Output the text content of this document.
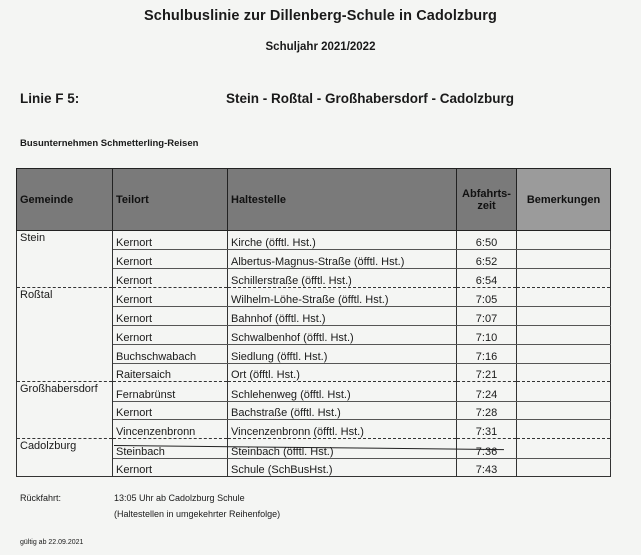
Schulbuslinie zur Dillenberg-Schule in Cadolzburg
Schuljahr 2021/2022
Linie F 5:	Stein - Roßtal - Großhabersdorf - Cadolzburg
Busunternehmen Schmetterling-Reisen
Gemeinde	Teilort	Haltestelle	Abfahrts-
zeit	Bemerkungen
Stein	Kernort	Kirche (öfftl. Hst.)	6:50	
	Kernort	Albertus-Magnus-Straße (öfftl. Hst.)	6:52	
	Kernort	Schillerstraße (öfftl. Hst.)	6:54	
Roßtal	Kernort	Wilhelm-Löhe-Straße (öfftl. Hst.)	7:05	
	Kernort	Bahnhof (öfftl. Hst.)	7:07	
	Kernort	Schwalbenhof (öfftl. Hst.)	7:10	
	Buchschwabach	Siedlung (öfftl. Hst.)	7:16	
	Raitersaich	Ort (öfftl. Hst.)	7:21	
Großhabersdorf	Fernabrünst	Schlehenweg (öfftl. Hst.)	7:24	
	Kernort	Bachstraße (öfftl. Hst.)	7:28	
	Vincenzenbronn	Vincenzenbronn (öfftl. Hst.)	7:31	
Cadolzburg	Steinbach	Steinbach (öfftl. Hst.)	7:36	
	Kernort	Schule (SchBusHst.)	7:43	
Rückfahrt:	13:05 Uhr ab Cadolzburg Schule
(Haltestellen in umgekehrter Reihenfolge)
gültig ab 22.09.2021
